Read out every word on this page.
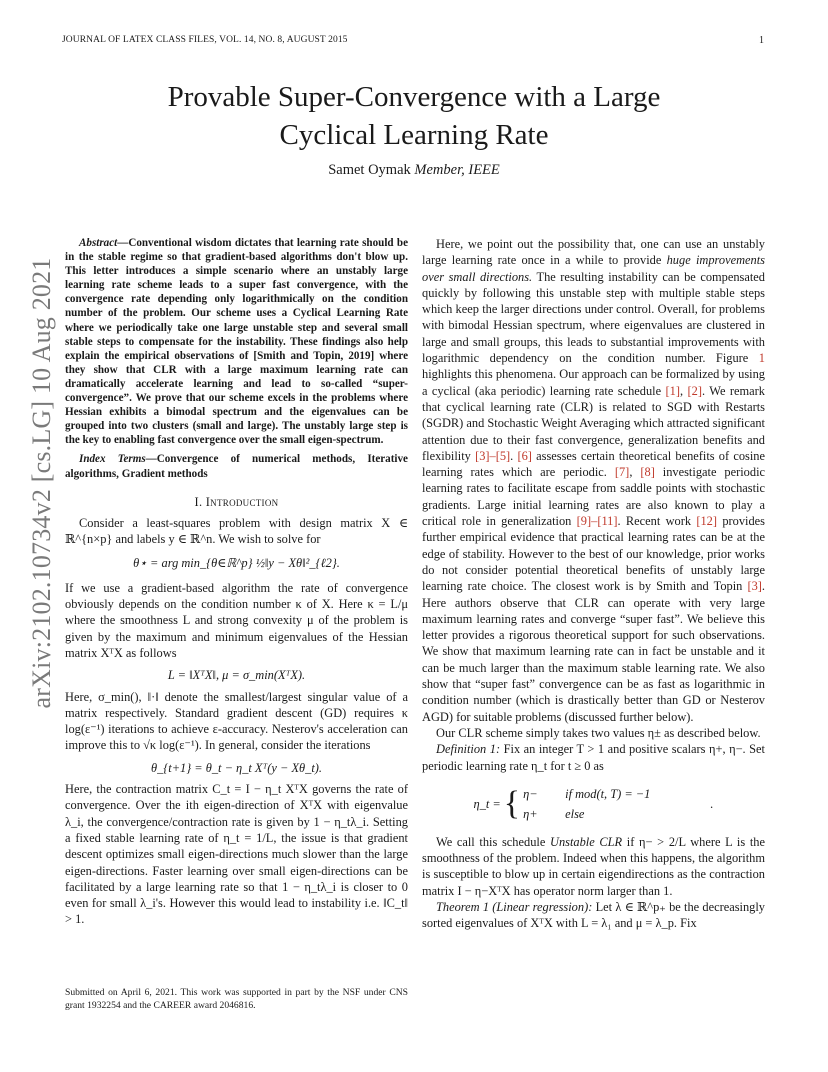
JOURNAL OF LATEX CLASS FILES, VOL. 14, NO. 8, AUGUST 2015	1
Provable Super-Convergence with a Large
Cyclical Learning Rate
Samet Oymak Member, IEEE
arXiv:2102.10734v2 [cs.LG] 10 Aug 2021

Abstract—Conventional wisdom dictates that learning rate should be in the stable regime so that gradient-based algorithms don't blow up. This letter introduces a simple scenario where an unstably large learning rate scheme leads to a super fast convergence, with the convergence rate depending only logarithmically on the condition number of the problem. Our scheme uses a Cyclical Learning Rate where we periodically take one large unstable step and several small stable steps to compensate for the instability. These findings also help explain the empirical observations of [Smith and Topin, 2019] where they show that CLR with a large maximum learning rate can dramatically accelerate learning and lead to so-called “super-convergence”. We prove that our scheme excels in the problems where Hessian exhibits a bimodal spectrum and the eigenvalues can be grouped into two clusters (small and large). The unstably large step is the key to enabling fast convergence over the small eigen-spectrum.

Index Terms—Convergence of numerical methods, Iterative algorithms, Gradient methods

I. Introduction

Consider a least-squares problem with design matrix X ∈ ℝ^{n×p} and labels y ∈ ℝ^n. We wish to solve for

θ⋆ = arg min_{θ∈ℝ^p} ½‖y − Xθ‖²_{ℓ2}.

If we use a gradient-based algorithm the rate of convergence obviously depends on the condition number κ of X. Here κ = L/μ where the smoothness L and strong convexity μ of the problem is given by the maximum and minimum eigenvalues of the Hessian matrix XᵀX as follows

L = ‖XᵀX‖, μ = σ_min(XᵀX).

Here, σ_min(), ‖·‖ denote the smallest/largest singular value of a matrix respectively. Standard gradient descent (GD) requires κ log(ε⁻¹) iterations to achieve ε-accuracy. Nesterov's acceleration can improve this to √κ log(ε⁻¹). In general, consider the iterations

θ_{t+1} = θ_t − η_t Xᵀ(y − Xθ_t).

Here, the contraction matrix C_t = I − η_t XᵀX governs the rate of convergence. Over the ith eigen-direction of XᵀX with eigenvalue λ_i, the convergence/contraction rate is given by 1 − η_tλ_i. Setting a fixed stable learning rate of η_t = 1/L, the issue is that gradient descent optimizes small eigen-directions much slower than the large eigen-directions. Faster learning over small eigen-directions can be facilitated by a large learning rate so that 1 − η_tλ_i is closer to 0 even for small λ_i's. However this would lead to instability i.e. ‖C_t‖ > 1.

Submitted on April 6, 2021. This work was supported in part by the NSF under CNS grant 1932254 and the CAREER award 2046816.

Here, we point out the possibility that, one can use an unstably large learning rate once in a while to provide huge improvements over small directions. The resulting instability can be compensated quickly by following this unstable step with multiple stable steps which keep the larger directions under control. Overall, for problems with bimodal Hessian spectrum, where eigenvalues are clustered in large and small groups, this leads to substantial improvements with logarithmic dependency on the condition number. Figure 1 highlights this phenomena. Our approach can be formalized by using a cyclical (aka periodic) learning rate schedule [1], [2]. We remark that cyclical learning rate (CLR) is related to SGD with Restarts (SGDR) and Stochastic Weight Averaging which attracted significant attention due to their fast convergence, generalization benefits and flexibility [3]–[5]. [6] assesses certain theoretical benefits of cosine learning rates which are periodic. [7], [8] investigate periodic learning rates to facilitate escape from saddle points with stochastic gradients. Large initial learning rates are also known to play a critical role in generalization [9]–[11]. Recent work [12] provides further empirical evidence that practical learning rates can be at the edge of stability. However to the best of our knowledge, prior works do not consider potential theoretical benefits of unstably large learning rate choice. The closest work is by Smith and Topin [3]. Here authors observe that CLR can operate with very large maximum learning rates and converge “super fast”. We believe this letter provides a rigorous theoretical support for such observations. We show that maximum learning rate can in fact be unstable and it can be much larger than the maximum stable learning rate. We also show that “super fast” convergence can be as fast as logarithmic in condition number (which is drastically better than GD or Nesterov AGD) for suitable problems (discussed further below).

Our CLR scheme simply takes two values η± as described below.

Definition 1: Fix an integer T > 1 and positive scalars η+, η−. Set periodic learning rate η_t for t ≥ 0 as

η_t = { η− if mod(t, T) = −1
η+ else
.

We call this schedule Unstable CLR if η− > 2/L where L is the smoothness of the problem. Indeed when this happens, the algorithm is susceptible to blow up in certain eigendirections as the contraction matrix I − η−XᵀX has operator norm larger than 1.

Theorem 1 (Linear regression): Let λ ∈ ℝ^p₊ be the decreasingly sorted eigenvalues of XᵀX with L = λ₁ and μ = λ_p. Fix
